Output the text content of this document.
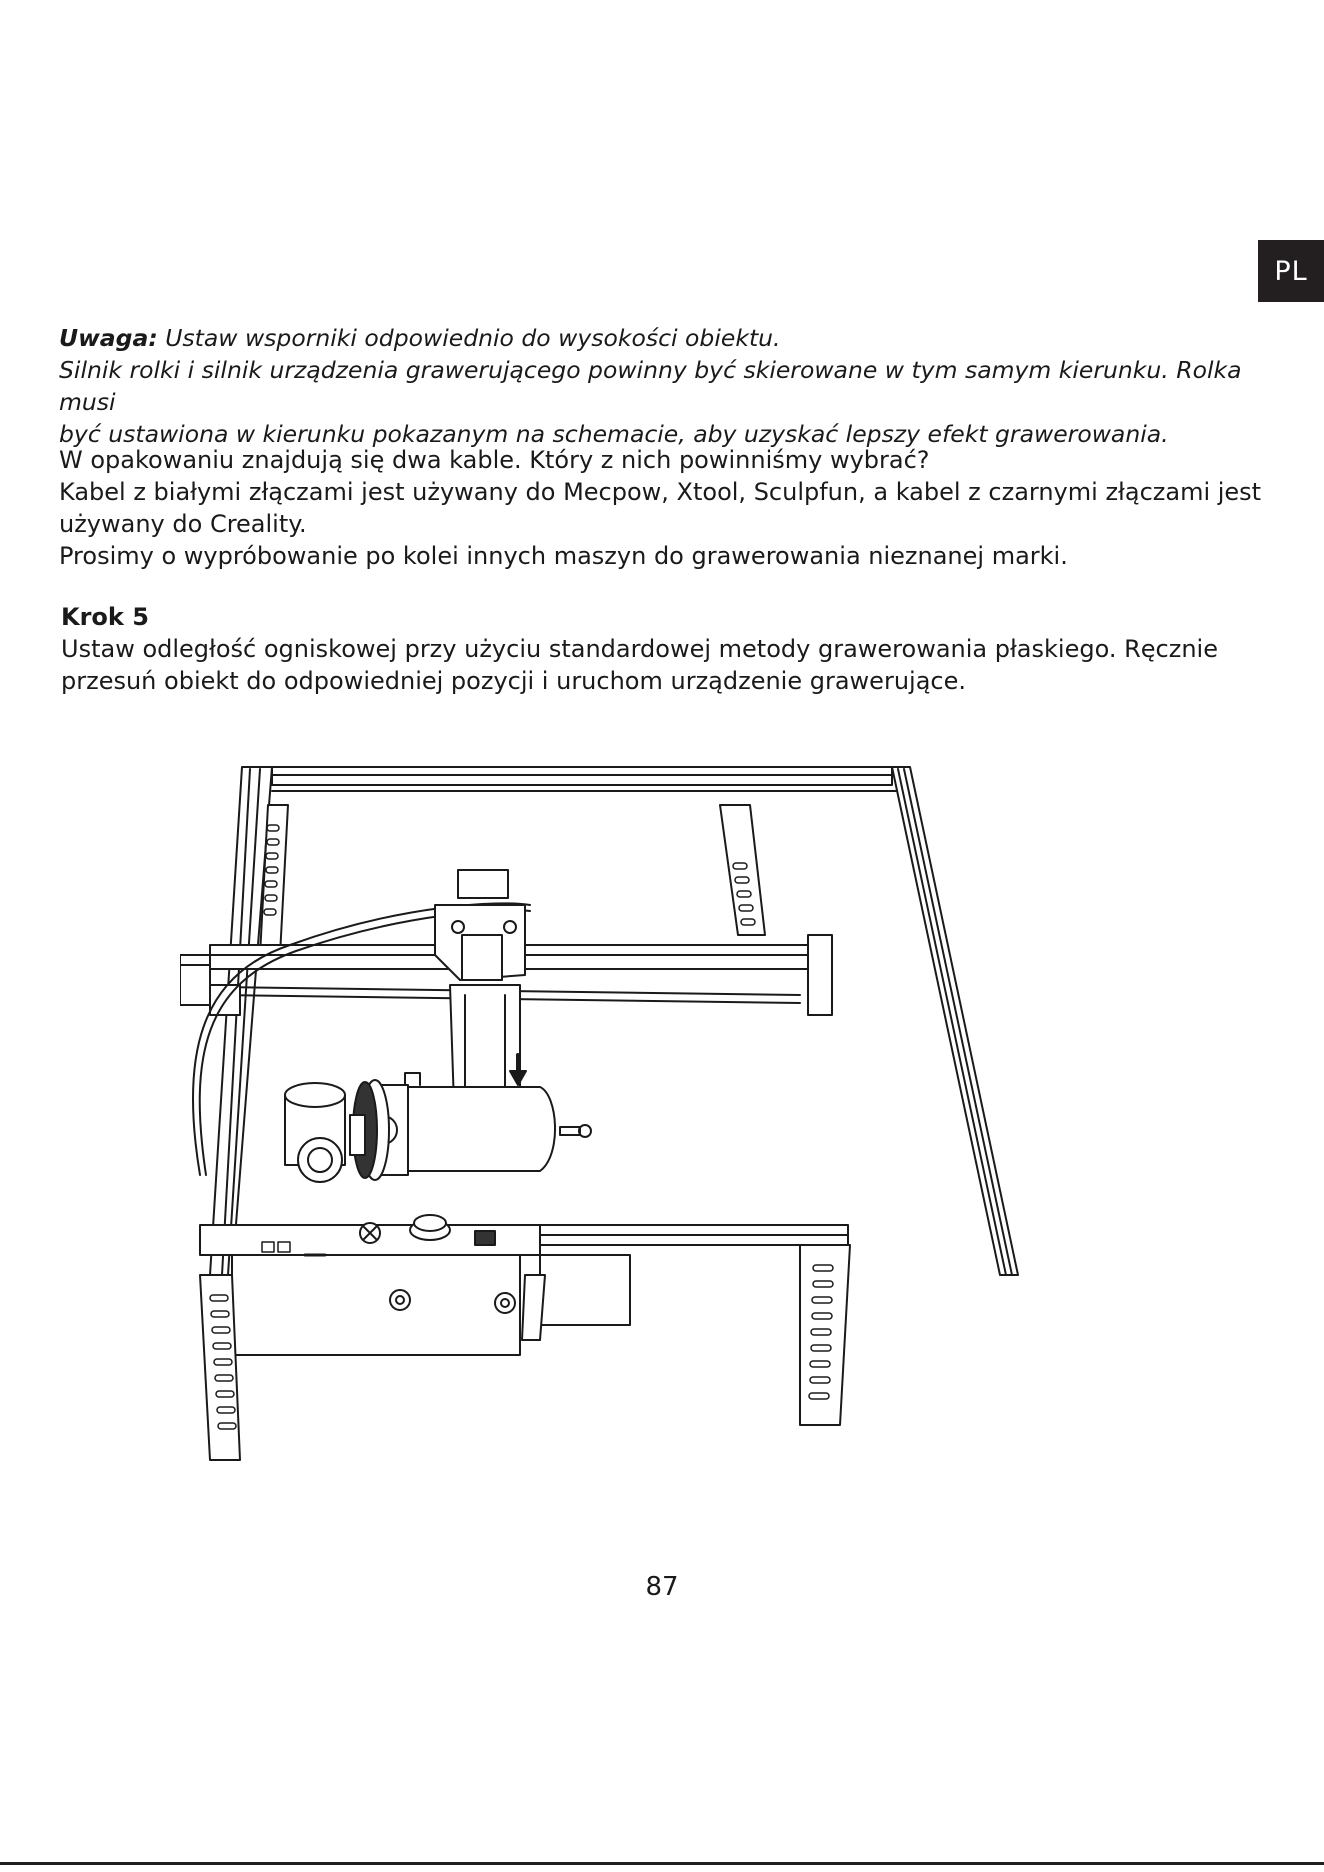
PL

Uwaga: Ustaw wsporniki odpowiednio do wysokości obiektu.

Silnik rolki i silnik urządzenia grawerującego powinny być skierowane w tym samym kierunku. Rolka musi

być ustawiona w kierunku pokazanym na schemacie, aby uzyskać lepszy efekt grawerowania.

W opakowaniu znajdują się dwa kable. Który z nich powinniśmy wybrać?

Kabel z białymi złączami jest używany do Mecpow, Xtool, Sculpfun, a kabel z czarnymi złączami jest

używany do Creality.

Prosimy o wypróbowanie po kolei innych maszyn do grawerowania nieznanej marki.

Krok 5

Ustaw odległość ogniskowej przy użyciu standardowej metody grawerowania płaskiego. Ręcznie

przesuń obiekt do odpowiedniej pozycji i uruchom urządzenie grawerujące.

87
